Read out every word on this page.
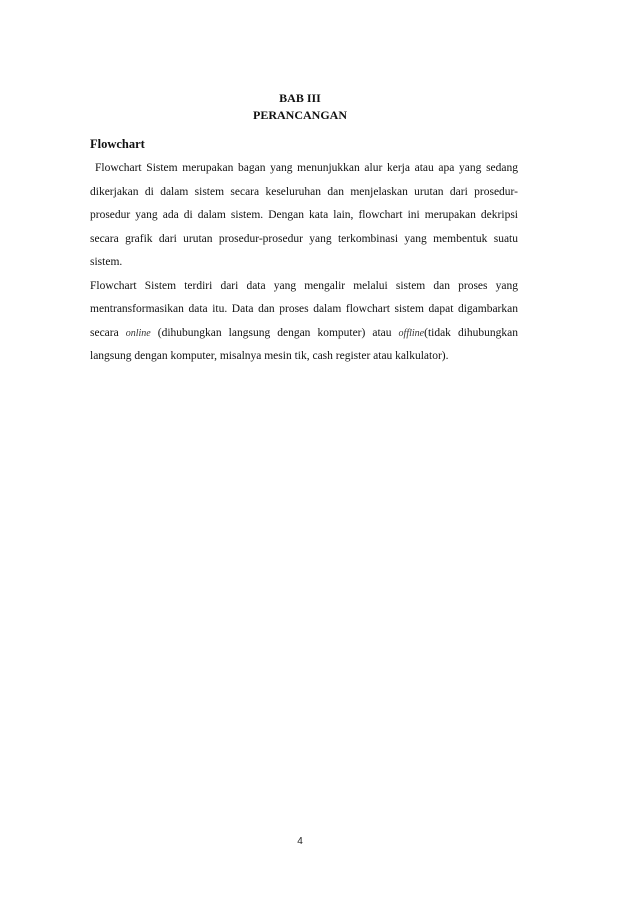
BAB III
PERANCANGAN
Flowchart

Flowchart Sistem merupakan bagan yang menunjukkan alur kerja atau apa yang sedang dikerjakan di dalam sistem secara keseluruhan dan menjelaskan urutan dari prosedur-prosedur yang ada di dalam sistem. Dengan kata lain, flowchart ini merupakan dekripsi secara grafik dari urutan prosedur-prosedur yang terkombinasi yang membentuk suatu sistem.

Flowchart Sistem terdiri dari data yang mengalir melalui sistem dan proses yang mentransformasikan data itu. Data dan proses dalam flowchart sistem dapat digambarkan secara online (dihubungkan langsung dengan komputer) atau offline(tidak dihubungkan langsung dengan komputer, misalnya mesin tik, cash register atau kalkulator).

4
